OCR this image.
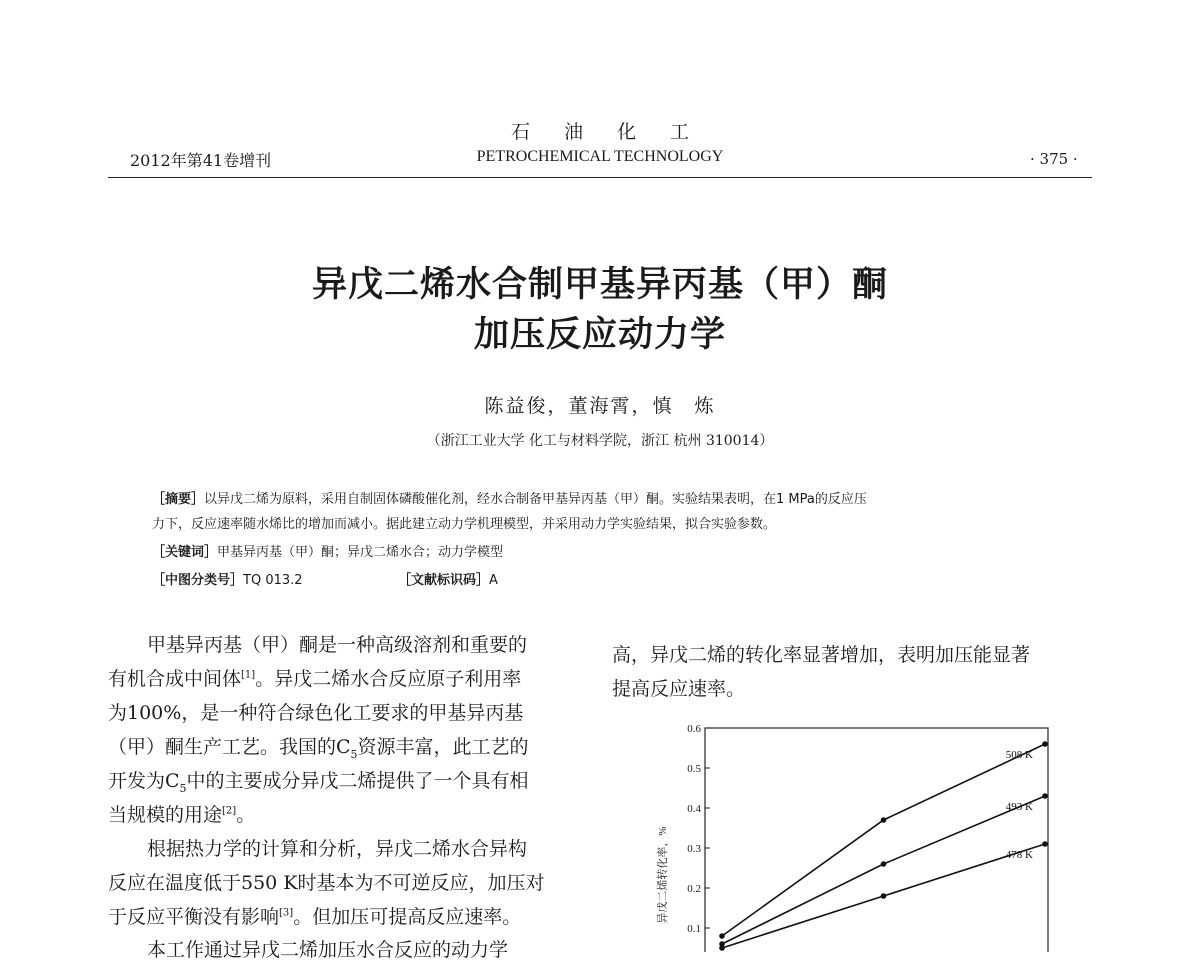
石油化工
2012年第41卷增刊	PETROCHEMICAL TECHNOLOGY	· 375 ·
异戊二烯水合制甲基异丙基（甲）酮
加压反应动力学
陈益俊，董海霄，慎　炼
（浙江工业大学 化工与材料学院，浙江 杭州 310014）
［摘要］以异戊二烯为原料，采用自制固体磷酸催化剂，经水合制备甲基异丙基（甲）酮。实验结果表明，在1 MPa的反应压
力下，反应速率随水烯比的增加而减小。据此建立动力学机理模型，并采用动力学实验结果，拟合实验参数。
［关键词］甲基异丙基（甲）酮；异戊二烯水合；动力学模型
［中图分类号］TQ 013.2	［文献标识码］A
甲基异丙基（甲）酮是一种高级溶剂和重要的
有机合成中间体[1]。异戊二烯水合反应原子利用率
为100%，是一种符合绿色化工要求的甲基异丙基
（甲）酮生产工艺。我国的$C_5$资源丰富，此工艺的
开发为$C_5$中的主要成分异戊二烯提供了一个具有相
当规模的用途[2]。
根据热力学的计算和分析，异戊二烯水合异构
反应在温度低于550 K时基本为不可逆反应，加压对
于反应平衡没有影响[3]。但加压可提高反应速率。
本工作通过异戊二烯加压水合反应的动力学
高，异戊二烯的转化率显著增加，表明加压能显著
提高反应速率。
异戊二烯转化率，%
0.6
0.5
0.4
0.3
0.2
0.1
508 K
493 K
478 K
